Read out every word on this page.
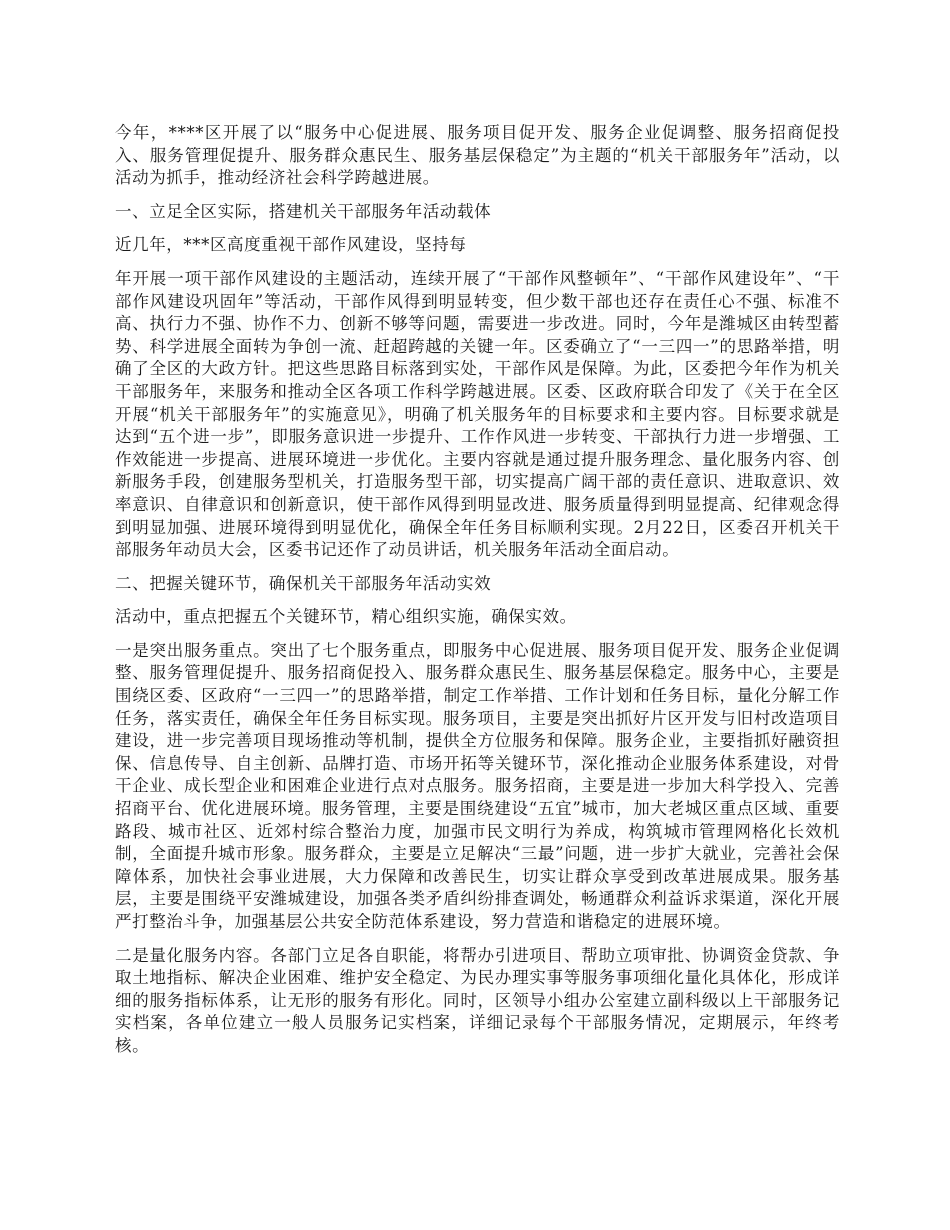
今年，****区开展了以“服务中心促进展、服务项目促开发、服务企业促调整、服务招商促投入、服务管理促提升、服务群众惠民生、服务基层保稳定”为主题的“机关干部服务年”活动，以活动为抓手，推动经济社会科学跨越进展。

一、立足全区实际，搭建机关干部服务年活动载体

近几年，***区高度重视干部作风建设，坚持每

年开展一项干部作风建设的主题活动，连续开展了“干部作风整顿年”、“干部作风建设年”、“干部作风建设巩固年”等活动，干部作风得到明显转变，但少数干部也还存在责任心不强、标准不高、执行力不强、协作不力、创新不够等问题，需要进一步改进。同时，今年是潍城区由转型蓄势、科学进展全面转为争创一流、赶超跨越的关键一年。区委确立了“一三四一”的思路举措，明确了全区的大政方针。把这些思路目标落到实处，干部作风是保障。为此，区委把今年作为机关干部服务年，来服务和推动全区各项工作科学跨越进展。区委、区政府联合印发了《关于在全区开展“机关干部服务年”的实施意见》，明确了机关服务年的目标要求和主要内容。目标要求就是达到“五个进一步”，即服务意识进一步提升、工作作风进一步转变、干部执行力进一步增强、工作效能进一步提高、进展环境进一步优化。主要内容就是通过提升服务理念、量化服务内容、创新服务手段，创建服务型机关，打造服务型干部，切实提高广阔干部的责任意识、进取意识、效率意识、自律意识和创新意识，使干部作风得到明显改进、服务质量得到明显提高、纪律观念得到明显加强、进展环境得到明显优化，确保全年任务目标顺利实现。2月22日，区委召开机关干部服务年动员大会，区委书记还作了动员讲话，机关服务年活动全面启动。

二、把握关键环节，确保机关干部服务年活动实效

活动中，重点把握五个关键环节，精心组织实施，确保实效。

一是突出服务重点。突出了七个服务重点，即服务中心促进展、服务项目促开发、服务企业促调整、服务管理促提升、服务招商促投入、服务群众惠民生、服务基层保稳定。服务中心，主要是围绕区委、区政府“一三四一”的思路举措，制定工作举措、工作计划和任务目标，量化分解工作任务，落实责任，确保全年任务目标实现。服务项目，主要是突出抓好片区开发与旧村改造项目建设，进一步完善项目现场推动等机制，提供全方位服务和保障。服务企业，主要指抓好融资担保、信息传导、自主创新、品牌打造、市场开拓等关键环节，深化推动企业服务体系建设，对骨干企业、成长型企业和困难企业进行点对点服务。服务招商，主要是进一步加大科学投入、完善招商平台、优化进展环境。服务管理，主要是围绕建设“五宜”城市，加大老城区重点区域、重要路段、城市社区、近郊村综合整治力度，加强市民文明行为养成，构筑城市管理网格化长效机制，全面提升城市形象。服务群众，主要是立足解决“三最”问题，进一步扩大就业，完善社会保障体系，加快社会事业进展，大力保障和改善民生，切实让群众享受到改革进展成果。服务基层，主要是围绕平安潍城建设，加强各类矛盾纠纷排查调处，畅通群众利益诉求渠道，深化开展严打整治斗争，加强基层公共安全防范体系建设，努力营造和谐稳定的进展环境。

二是量化服务内容。各部门立足各自职能，将帮办引进项目、帮助立项审批、协调资金贷款、争取土地指标、解决企业困难、维护安全稳定、为民办理实事等服务事项细化量化具体化，形成详细的服务指标体系，让无形的服务有形化。同时，区领导小组办公室建立副科级以上干部服务记实档案，各单位建立一般人员服务记实档案，详细记录每个干部服务情况，定期展示，年终考核。
